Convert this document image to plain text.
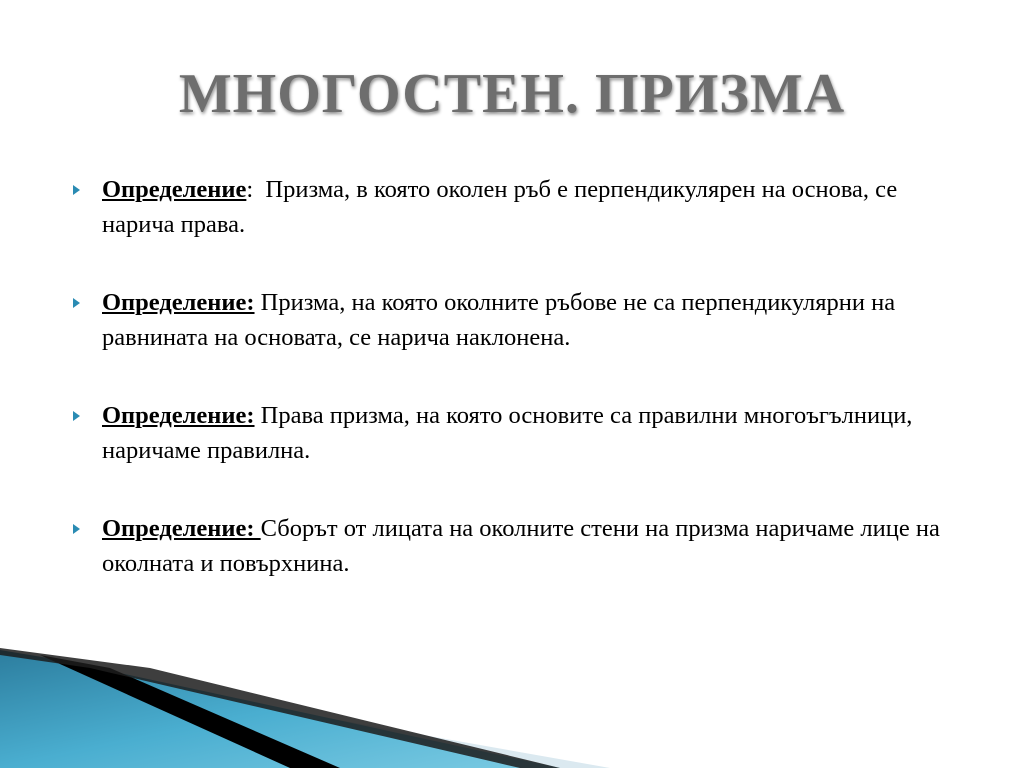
МНОГОСТЕН. ПРИЗМА
Определение:  Призма, в която околен ръб е перпендикулярен на основа, се нарича права.
Определение: Призма, на която околните ръбове не са перпендикулярни на равнината на основата, се нарича наклонена.
Определение: Права призма, на която основите са правилни многоъгълници, наричаме правилна.
Определение: Сборът от лицата на околните стени на призма наричаме лице на околната и повърхнина.
